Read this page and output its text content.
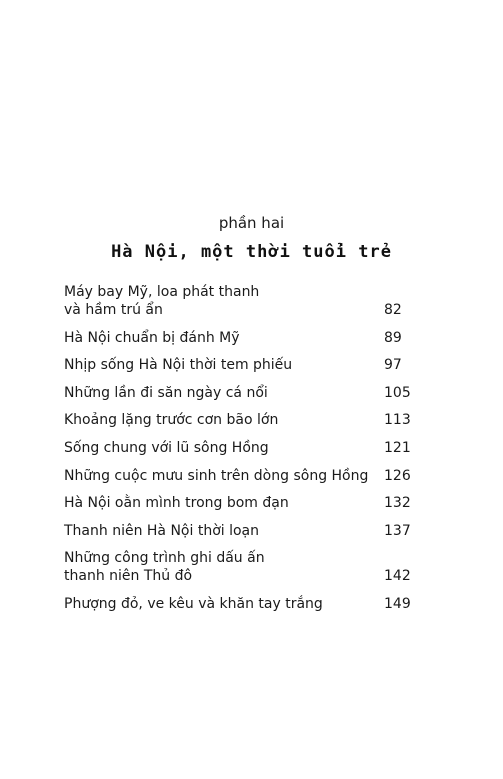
phần hai
Hà Nội, một thời tuổi trẻ
Máy bay Mỹ, loa phát thanh
và hầm trú ẩn	82
Hà Nội chuẩn bị đánh Mỹ	89
Nhịp sống Hà Nội thời tem phiếu	97
Những lần đi săn ngày cá nổi	105
Khoảng lặng trước cơn bão lớn	113
Sống chung với lũ sông Hồng	121
Những cuộc mưu sinh trên dòng sông Hồng	126
Hà Nội oằn mình trong bom đạn	132
Thanh niên Hà Nội thời loạn	137
Những công trình ghi dấu ấn
thanh niên Thủ đô	142
Phượng đỏ, ve kêu và khăn tay trắng	149
